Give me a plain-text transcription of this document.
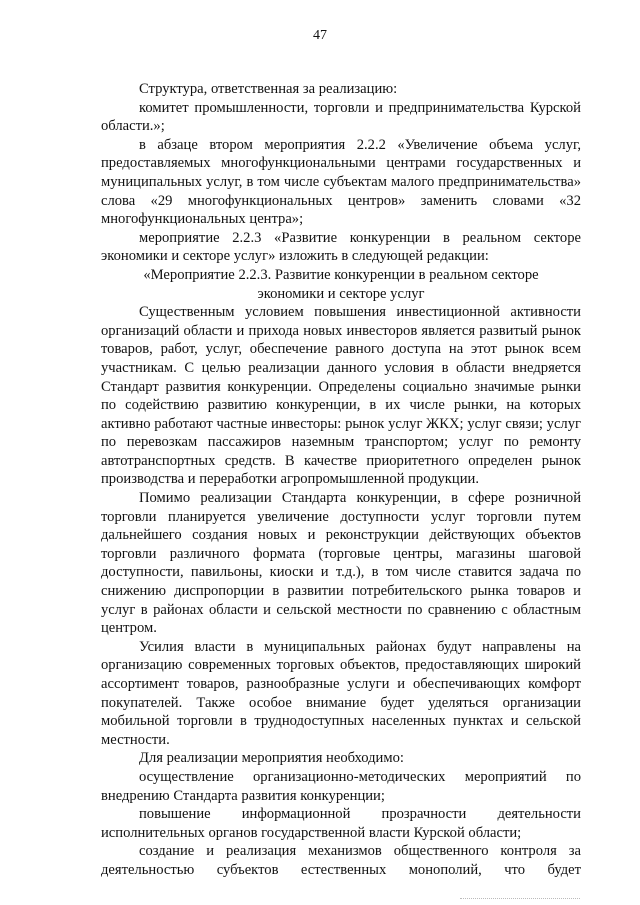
47

Структура, ответственная за реализацию:

комитет промышленности, торговли и предпринимательства Курской области.»;

в абзаце втором мероприятия 2.2.2 «Увеличение объема услуг, предоставляемых многофункциональными центрами государственных и муниципальных услуг, в том числе субъектам малого предпринимательства» слова «29 многофункциональных центров» заменить словами «32 многофункциональных центра»;

мероприятие 2.2.3 «Развитие конкуренции в реальном секторе экономики и секторе услуг» изложить в следующей редакции:

«Мероприятие 2.2.3. Развитие конкуренции в реальном секторе экономики и секторе услуг

Существенным условием повышения инвестиционной активности организаций области и прихода новых инвесторов является развитый рынок товаров, работ, услуг, обеспечение равного доступа на этот рынок всем участникам. С целью реализации данного условия в области внедряется Стандарт развития конкуренции. Определены социально значимые рынки по содействию развитию конкуренции, в их числе рынки, на которых активно работают частные инвесторы: рынок услуг ЖКХ; услуг связи; услуг по перевозкам пассажиров наземным транспортом; услуг по ремонту автотранспортных средств. В качестве приоритетного определен рынок производства и переработки агропромышленной продукции.

Помимо реализации Стандарта конкуренции, в сфере розничной торговли планируется увеличение доступности услуг торговли путем дальнейшего создания новых и реконструкции действующих объектов торговли различного формата (торговые центры, магазины шаговой доступности, павильоны, киоски и т.д.), в том числе ставится задача по снижению диспропорции в развитии потребительского рынка товаров и услуг в районах области и сельской местности по сравнению с областным центром.

Усилия власти в муниципальных районах будут направлены на организацию современных торговых объектов, предоставляющих широкий ассортимент товаров, разнообразные услуги и обеспечивающих комфорт покупателей. Также особое внимание будет уделяться организации мобильной торговли в труднодоступных населенных пунктах и сельской местности.

Для реализации мероприятия необходимо:

осуществление организационно-методических мероприятий по внедрению Стандарта развития конкуренции;

повышение информационной прозрачности деятельности исполнительных органов государственной власти Курской области;

создание и реализация механизмов общественного контроля за деятельностью субъектов естественных монополий, что будет
